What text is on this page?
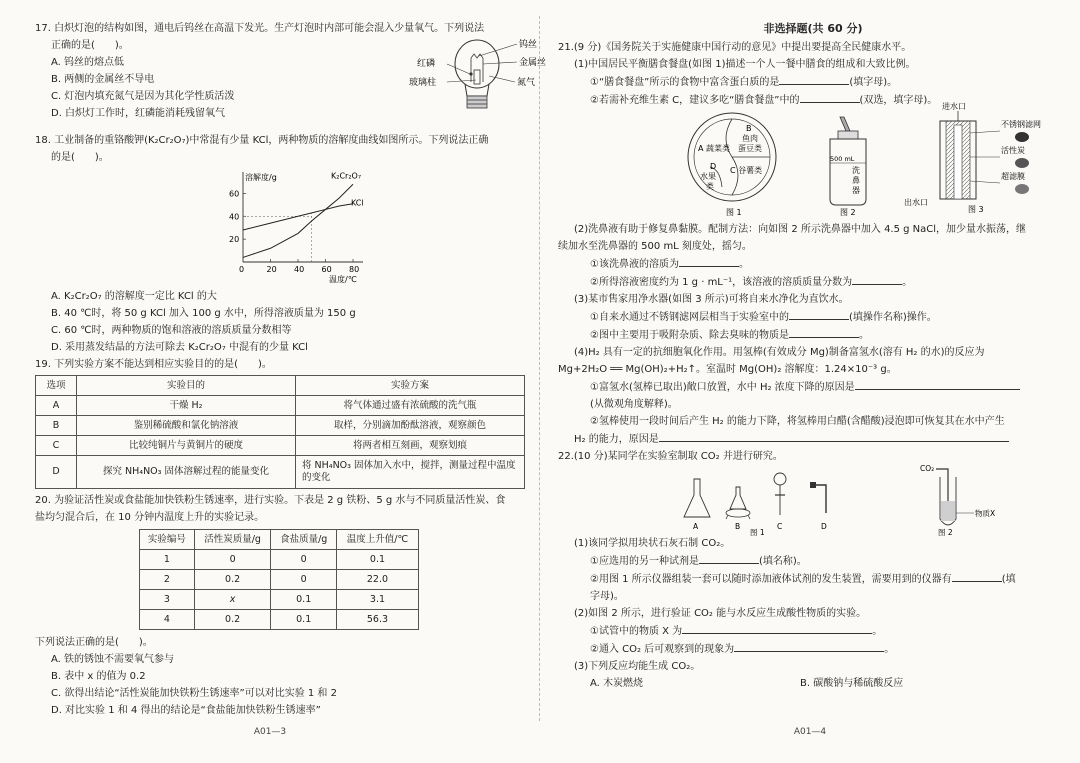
17. 白炽灯泡的结构如图，通电后钨丝在高温下发光。生产灯泡时内部可能会混入少量氧气。下列说法

正确的是(　　)。

A. 钨丝的熔点低

B. 两侧的金属丝不导电

C. 灯泡内填充氮气是因为其化学性质活泼

D. 白炽灯工作时，红磷能消耗残留氧气

钨丝
金属丝
红磷
玻璃柱	氮气

18. 工业制备的重铬酸钾(K₂Cr₂O₇)中常混有少量 KCl，两种物质的溶解度曲线如图所示。下列说法正确

的是(　　)。

0	20 40 60 80
20
40
60
温度/℃
溶解度/g	K₂Cr₂O₇
KCl

A. K₂Cr₂O₇ 的溶解度一定比 KCl 的大

B. 40 ℃时，将 50 g KCl 加入 100 g 水中，所得溶液质量为 150 g

C. 60 ℃时，两种物质的饱和溶液的溶质质量分数相等

D. 采用蒸发结晶的方法可除去 K₂Cr₂O₇ 中混有的少量 KCl

19. 下列实验方案不能达到相应实验目的的是(　　)。

选项	实验目的	实验方案
A	干燥 H₂	将气体通过盛有浓硫酸的洗气瓶
B	鉴别稀硫酸和氯化钠溶液	取样，分别滴加酚酞溶液，观察颜色
C	比较纯铜片与黄铜片的硬度	将两者相互刻画，观察划痕
D	探究 NH₄NO₃ 固体溶解过程的能量变化	将 NH₄NO₃ 固体加入水中，搅拌，测量过程中温度的变化

20. 为验证活性炭或食盐能加快铁粉生锈速率，进行实验。下表是 2 g 铁粉、5 g 水与不同质量活性炭、食

盐均匀混合后，在 10 分钟内温度上升的实验记录。

实验编号	活性炭质量/g	食盐质量/g	温度上升值/℃
1	0	0	0.1
2	0.2	0	22.0
3	x	0.1	3.1
4	0.2	0.1	56.3

下列说法正确的是(　　)。

A. 铁的锈蚀不需要氧气参与

B. 表中 x 的值为 0.2

C. 欲得出结论“活性炭能加快铁粉生锈速率”可以对比实验 1 和 2

D. 对比实验 1 和 4 得出的结论是“食盐能加快铁粉生锈速率”

A01—3
非选择题(共 60 分)

21.(9 分)《国务院关于实施健康中国行动的意见》中提出要提高全民健康水平。

(1)中国居民平衡膳食餐盘(如图 1)描述一个人一餐中膳食的组成和大致比例。

①“膳食餐盘”所示的食物中富含蛋白质的是	(填字母)。

②若需补充维生素 C，建议多吃“膳食餐盘”中的	(双选，填字母)。

A 蔬菜类
B
鱼肉
蛋豆类
C 谷薯类
D
水果
类
图 1
500 mL
洗
鼻
器
图 2
进水口
不锈钢滤网
活性炭
超滤膜
出水口
图 3

(2)洗鼻液有助于修复鼻黏膜。配制方法：向如图 2 所示洗鼻器中加入 4.5 g NaCl，加少量水振荡，继

续加水至洗鼻器的 500 mL 刻度处，摇匀。

①该洗鼻液的溶质为	。

②所得溶液密度约为 1 g · mL⁻¹，该溶液的溶质质量分数为	。

(3)某市售家用净水器(如图 3 所示)可将自来水净化为直饮水。

①自来水通过不锈钢滤网层相当于实验室中的	(填操作名称)操作。

②图中主要用于吸附杂质、除去臭味的物质是	。

(4)H₂ 具有一定的抗细胞氧化作用。用氢棒(有效成分 Mg)制备富氢水(溶有 H₂ 的水)的反应为

Mg+2H₂O ══ Mg(OH)₂+H₂↑。室温时 Mg(OH)₂ 溶解度：1.24×10⁻³ g。

①富氢水(氢棒已取出)敞口放置，水中 H₂ 浓度下降的原因是

(从微观角度解释)。

②氢棒使用一段时间后产生 H₂ 的能力下降，将氢棒用白醋(含醋酸)浸泡即可恢复其在水中产生

H₂ 的能力，原因是

22.(10 分)某同学在实验室制取 CO₂ 并进行研究。

A	B	C	D
图 1
CO₂
物质X
图 2

(1)该同学拟用块状石灰石制 CO₂。

①应选用的另一种试剂是	(填名称)。

②用图 1 所示仪器组装一套可以随时添加液体试剂的发生装置，需要用到的仪器有	(填

字母)。

(2)如图 2 所示，进行验证 CO₂ 能与水反应生成酸性物质的实验。

①试管中的物质 X 为	。

②通入 CO₂ 后可观察到的现象为	。

(3)下列反应均能生成 CO₂。

A. 木炭燃烧	B. 碳酸钠与稀硫酸反应

A01—4
